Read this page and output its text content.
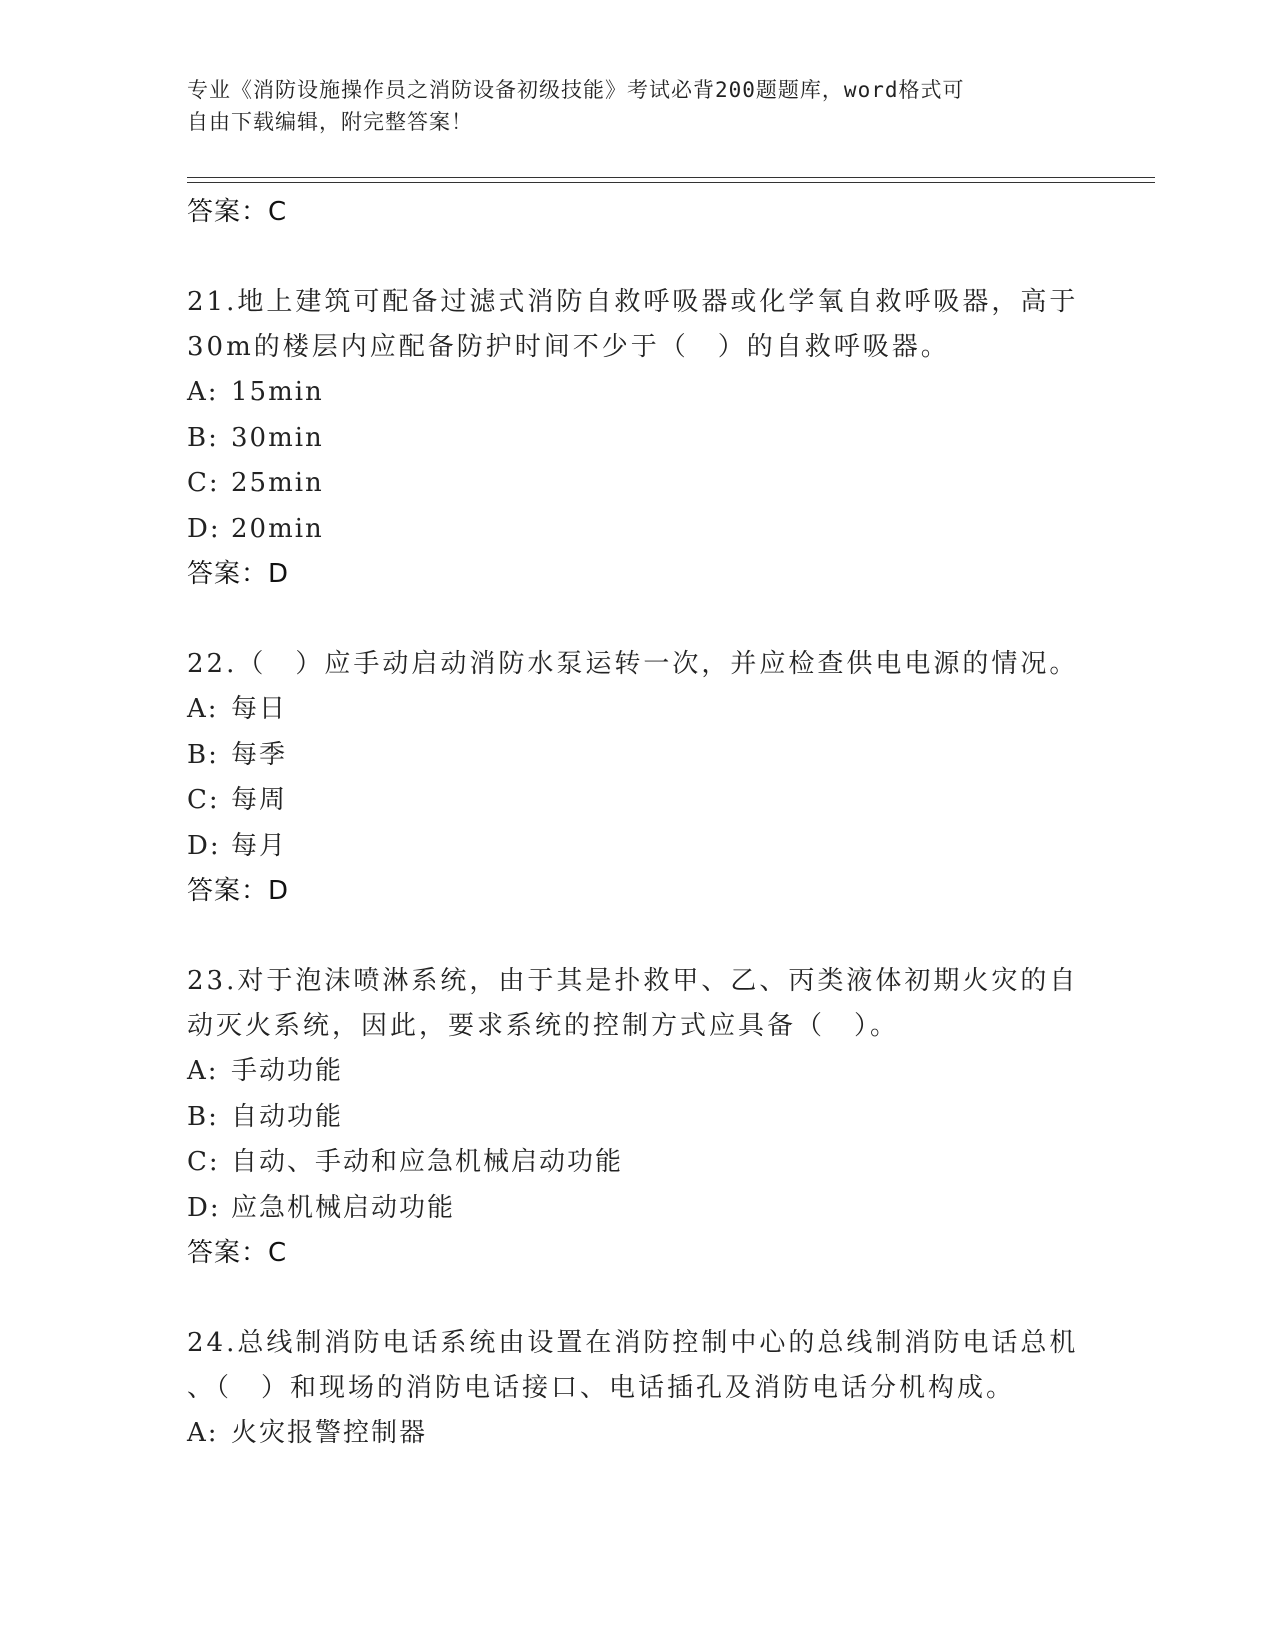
专业《消防设施操作员之消防设备初级技能》考试必背200题题库，word格式可
自由下载编辑，附完整答案！
答案：C
21.地上建筑可配备过滤式消防自救呼吸器或化学氧自救呼吸器，高于
30m的楼层内应配备防护时间不少于（　）的自救呼吸器。
A: 15min
B: 30min
C: 25min
D: 20min
答案：D
22.（　）应手动启动消防水泵运转一次，并应检查供电电源的情况。
A: 每日
B: 每季
C: 每周
D: 每月
答案：D
23.对于泡沫喷淋系统，由于其是扑救甲、乙、丙类液体初期火灾的自
动灭火系统，因此，要求系统的控制方式应具备（　）。
A: 手动功能
B: 自动功能
C: 自动、手动和应急机械启动功能
D: 应急机械启动功能
答案：C
24.总线制消防电话系统由设置在消防控制中心的总线制消防电话总机
、（　）和现场的消防电话接口、电话插孔及消防电话分机构成。
A: 火灾报警控制器
